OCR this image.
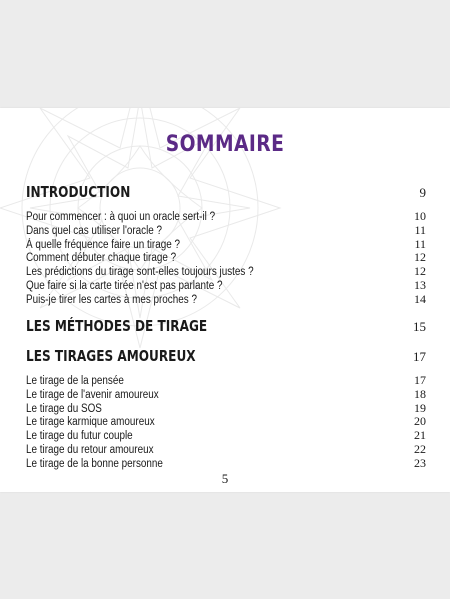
SOMMAIRE
INTRODUCTION	9
Pour commencer : à quoi un oracle sert-il ?	10
Dans quel cas utiliser l'oracle ?	11
À quelle fréquence faire un tirage ?	11
Comment débuter chaque tirage ?	12
Les prédictions du tirage sont-elles toujours justes ?	12
Que faire si la carte tirée n'est pas parlante ?	13
Puis-je tirer les cartes à mes proches ?	14
LES MÉTHODES DE TIRAGE	15
LES TIRAGES AMOUREUX	17
Le tirage de la pensée	17
Le tirage de l'avenir amoureux	18
Le tirage du SOS	19
Le tirage karmique amoureux	20
Le tirage du futur couple	21
Le tirage du retour amoureux	22
Le tirage de la bonne personne	23
5
